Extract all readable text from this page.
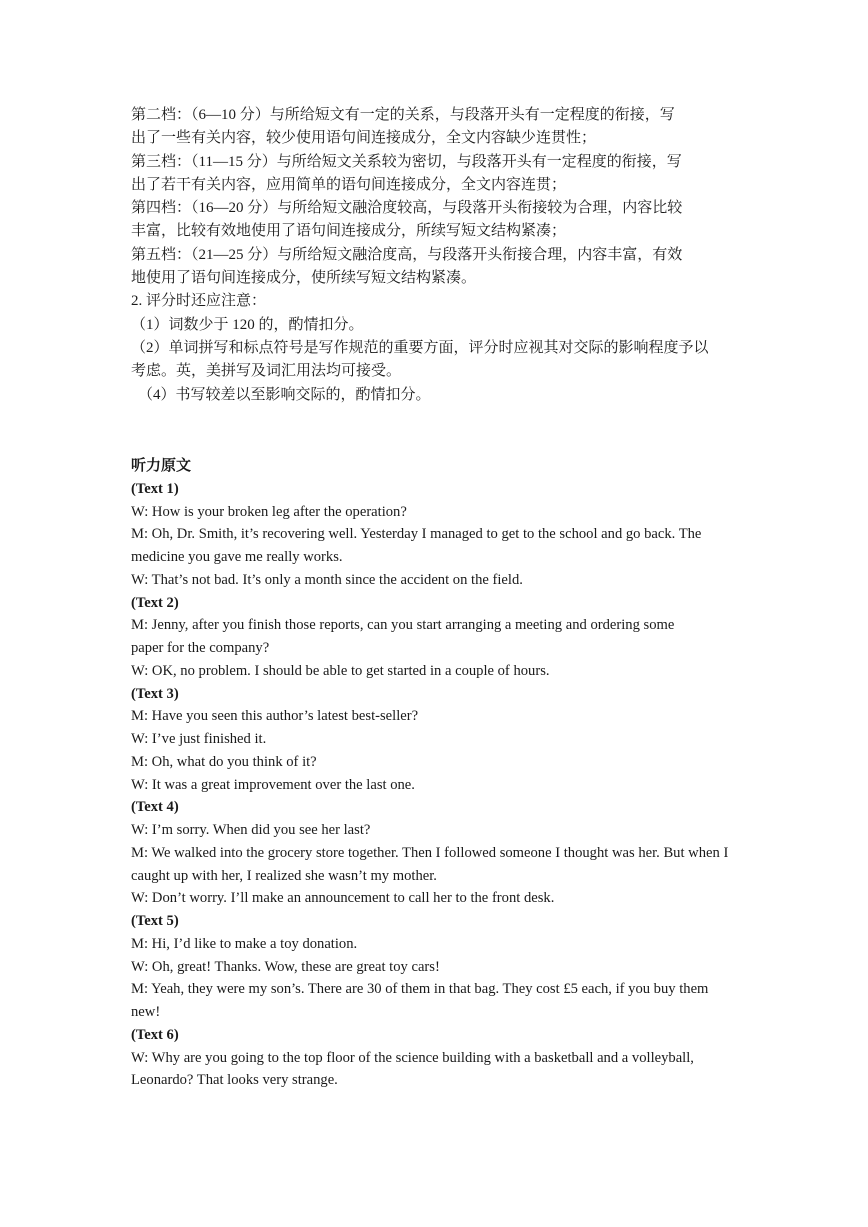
第二档：（6—10 分）与所给短文有一定的关系，与段落开头有一定程度的衔接，写
出了一些有关内容，较少使用语句间连接成分，全文内容缺少连贯性；
第三档：（11—15 分）与所给短文关系较为密切，与段落开头有一定程度的衔接，写
出了若干有关内容，应用简单的语句间连接成分，全文内容连贯；
第四档：（16—20 分）与所给短文融洽度较高，与段落开头衔接较为合理，内容比较
丰富，比较有效地使用了语句间连接成分，所续写短文结构紧凑；
第五档：（21—25 分）与所给短文融洽度高，与段落开头衔接合理，内容丰富，有效
地使用了语句间连接成分，使所续写短文结构紧凑。
2. 评分时还应注意：
（1）词数少于 120 的，酌情扣分。
（2）单词拼写和标点符号是写作规范的重要方面，评分时应视其对交际的影响程度予以
考虑。英，美拼写及词汇用法均可接受。
（4）书写较差以至影响交际的，酌情扣分。
听力原文
(Text 1)
W: How is your broken leg after the operation?
M: Oh, Dr. Smith, it’s recovering well. Yesterday I managed to get to the school and go back. The
medicine you gave me really works.
W: That’s not bad. It’s only a month since the accident on the field.
(Text 2)
M: Jenny, after you finish those reports, can you start arranging a meeting and ordering some
paper for the company?
W: OK, no problem. I should be able to get started in a couple of hours.
(Text 3)
M: Have you seen this author’s latest best-seller?
W: I’ve just finished it.
M: Oh, what do you think of it?
W: It was a great improvement over the last one.
(Text 4)
W: I’m sorry. When did you see her last?
M: We walked into the grocery store together. Then I followed someone I thought was her. But when I
caught up with her, I realized she wasn’t my mother.
W: Don’t worry. I’ll make an announcement to call her to the front desk.
(Text 5)
M: Hi, I’d like to make a toy donation.
W: Oh, great! Thanks. Wow, these are great toy cars!
M: Yeah, they were my son’s. There are 30 of them in that bag. They cost £5 each, if you buy them
new!
(Text 6)
W: Why are you going to the top floor of the science building with a basketball and a volleyball,
Leonardo? That looks very strange.
